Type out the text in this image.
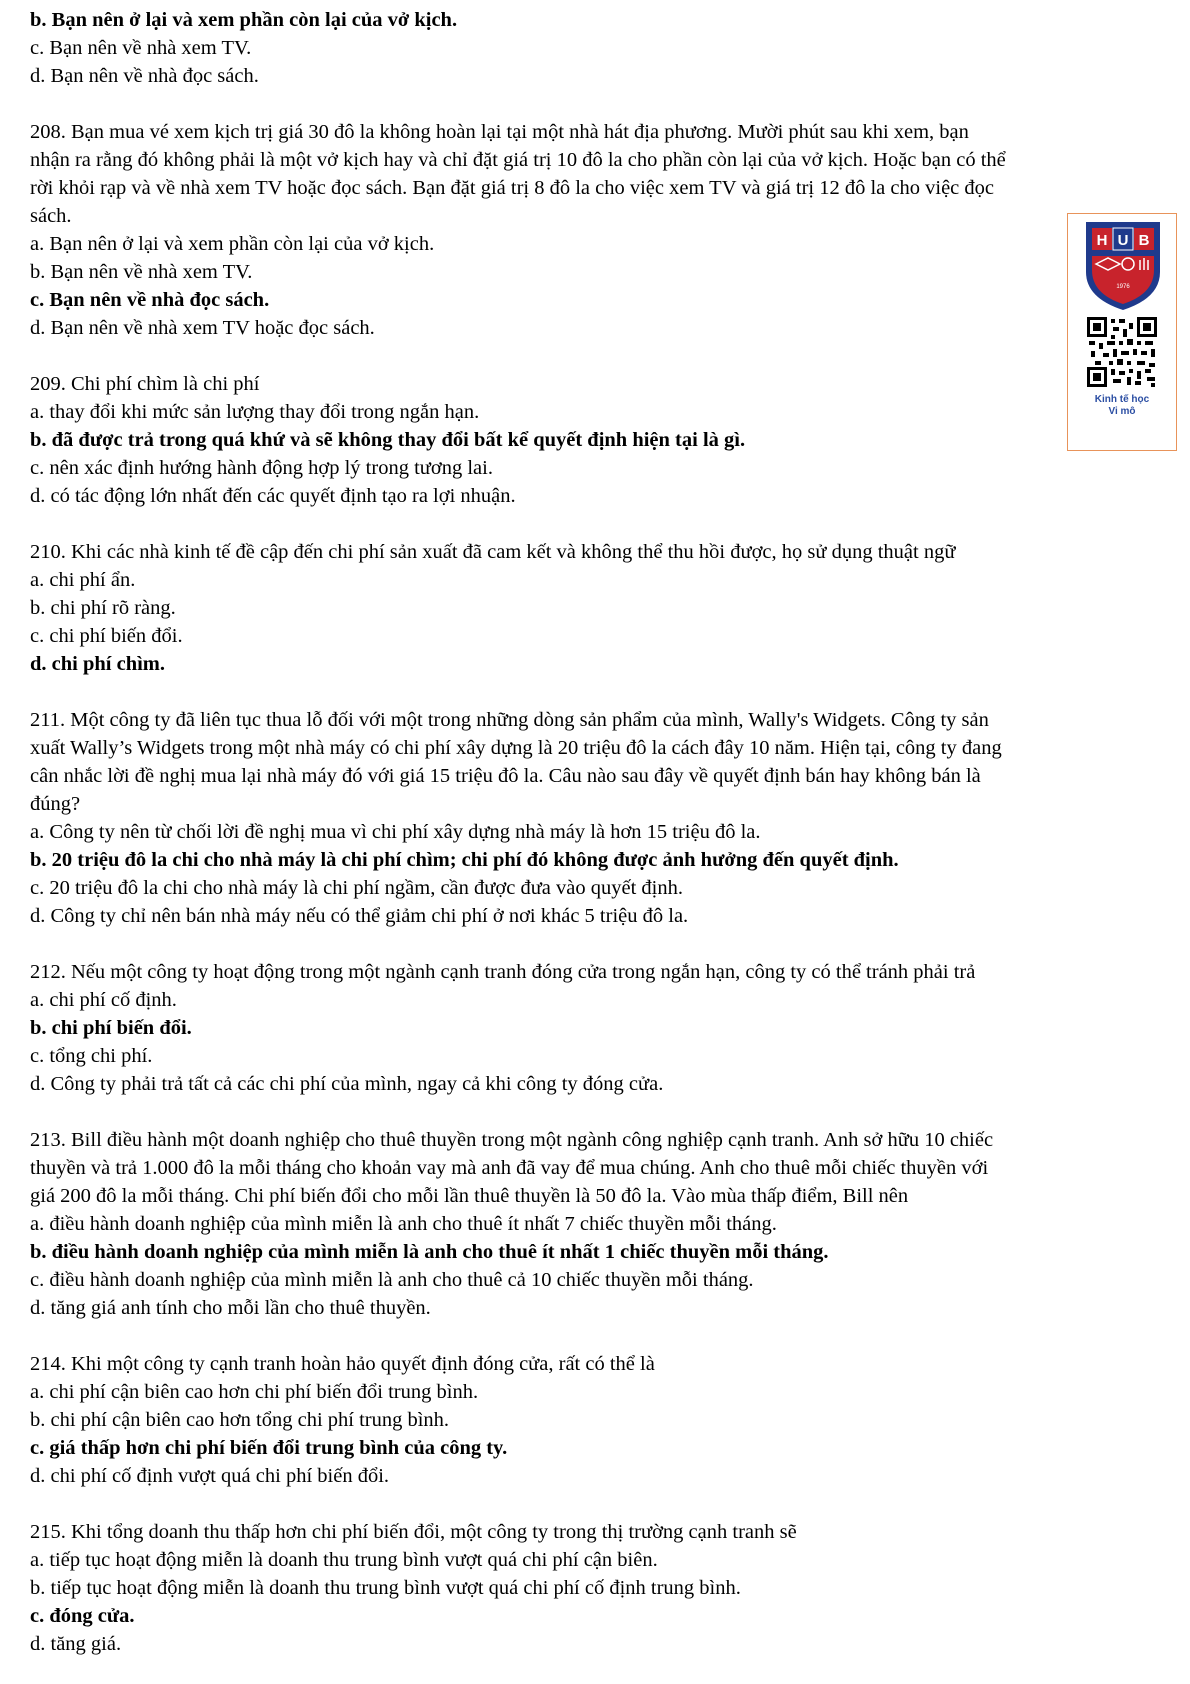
b. Bạn nên ở lại và xem phần còn lại của vở kịch.
c. Bạn nên về nhà xem TV.
d. Bạn nên về nhà đọc sách.
208. Bạn mua vé xem kịch trị giá 30 đô la không hoàn lại tại một nhà hát địa phương. Mười phút sau khi xem, bạn
nhận ra rằng đó không phải là một vở kịch hay và chỉ đặt giá trị 10 đô la cho phần còn lại của vở kịch. Hoặc bạn có thể
rời khỏi rạp và về nhà xem TV hoặc đọc sách. Bạn đặt giá trị 8 đô la cho việc xem TV và giá trị 12 đô la cho việc đọc
sách.
a. Bạn nên ở lại và xem phần còn lại của vở kịch.
b. Bạn nên về nhà xem TV.
c. Bạn nên về nhà đọc sách.
d. Bạn nên về nhà xem TV hoặc đọc sách.
209. Chi phí chìm là chi phí
a. thay đổi khi mức sản lượng thay đổi trong ngắn hạn.
b. đã được trả trong quá khứ và sẽ không thay đổi bất kể quyết định hiện tại là gì.
c. nên xác định hướng hành động hợp lý trong tương lai.
d. có tác động lớn nhất đến các quyết định tạo ra lợi nhuận.
210. Khi các nhà kinh tế đề cập đến chi phí sản xuất đã cam kết và không thể thu hồi được, họ sử dụng thuật ngữ
a. chi phí ẩn.
b. chi phí rõ ràng.
c. chi phí biến đổi.
d. chi phí chìm.
211. Một công ty đã liên tục thua lỗ đối với một trong những dòng sản phẩm của mình, Wally's Widgets. Công ty sản
xuất Wally’s Widgets trong một nhà máy có chi phí xây dựng là 20 triệu đô la cách đây 10 năm. Hiện tại, công ty đang
cân nhắc lời đề nghị mua lại nhà máy đó với giá 15 triệu đô la. Câu nào sau đây về quyết định bán hay không bán là
đúng?
a. Công ty nên từ chối lời đề nghị mua vì chi phí xây dựng nhà máy là hơn 15 triệu đô la.
b. 20 triệu đô la chi cho nhà máy là chi phí chìm; chi phí đó không được ảnh hưởng đến quyết định.
c. 20 triệu đô la chi cho nhà máy là chi phí ngầm, cần được đưa vào quyết định.
d. Công ty chỉ nên bán nhà máy nếu có thể giảm chi phí ở nơi khác 5 triệu đô la.
212. Nếu một công ty hoạt động trong một ngành cạnh tranh đóng cửa trong ngắn hạn, công ty có thể tránh phải trả
a. chi phí cố định.
b. chi phí biến đổi.
c. tổng chi phí.
d. Công ty phải trả tất cả các chi phí của mình, ngay cả khi công ty đóng cửa.
213. Bill điều hành một doanh nghiệp cho thuê thuyền trong một ngành công nghiệp cạnh tranh. Anh sở hữu 10 chiếc
thuyền và trả 1.000 đô la mỗi tháng cho khoản vay mà anh đã vay để mua chúng. Anh cho thuê mỗi chiếc thuyền với
giá 200 đô la mỗi tháng. Chi phí biến đổi cho mỗi lần thuê thuyền là 50 đô la. Vào mùa thấp điểm, Bill nên
a. điều hành doanh nghiệp của mình miễn là anh cho thuê ít nhất 7 chiếc thuyền mỗi tháng.
b. điều hành doanh nghiệp của mình miễn là anh cho thuê ít nhất 1 chiếc thuyền mỗi tháng.
c. điều hành doanh nghiệp của mình miễn là anh cho thuê cả 10 chiếc thuyền mỗi tháng.
d. tăng giá anh tính cho mỗi lần cho thuê thuyền.
214. Khi một công ty cạnh tranh hoàn hảo quyết định đóng cửa, rất có thể là
a. chi phí cận biên cao hơn chi phí biến đổi trung bình.
b. chi phí cận biên cao hơn tổng chi phí trung bình.
c. giá thấp hơn chi phí biến đổi trung bình của công ty.
d. chi phí cố định vượt quá chi phí biến đổi.
215. Khi tổng doanh thu thấp hơn chi phí biến đổi, một công ty trong thị trường cạnh tranh sẽ
a. tiếp tục hoạt động miễn là doanh thu trung bình vượt quá chi phí cận biên.
b. tiếp tục hoạt động miễn là doanh thu trung bình vượt quá chi phí cố định trung bình.
c. đóng cửa.
d. tăng giá.
H U B
1976
Kinh tế học
Vi mô
